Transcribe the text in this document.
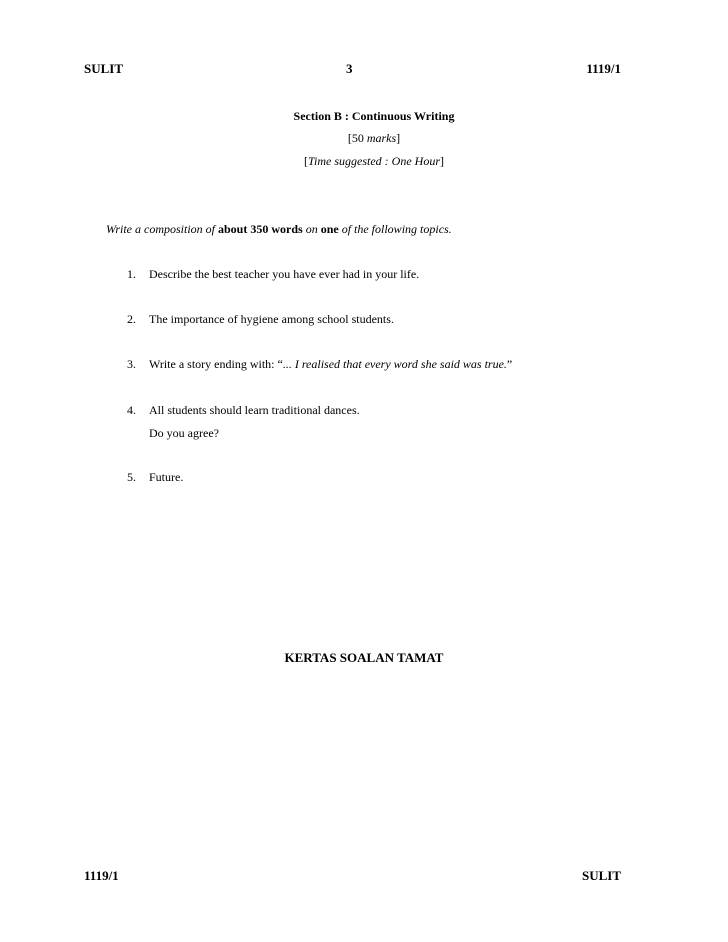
SULIT	3	1119/1
Section B : Continuous Writing
[50 marks]
[Time suggested : One Hour]
Write a composition of about 350 words on one of the following topics.
1. Describe the best teacher you have ever had in your life.
2. The importance of hygiene among school students.
3. Write a story ending with: “... I realised that every word she said was true.”
4. All students should learn traditional dances.
Do you agree?
5. Future.
KERTAS SOALAN TAMAT
1119/1	SULIT
